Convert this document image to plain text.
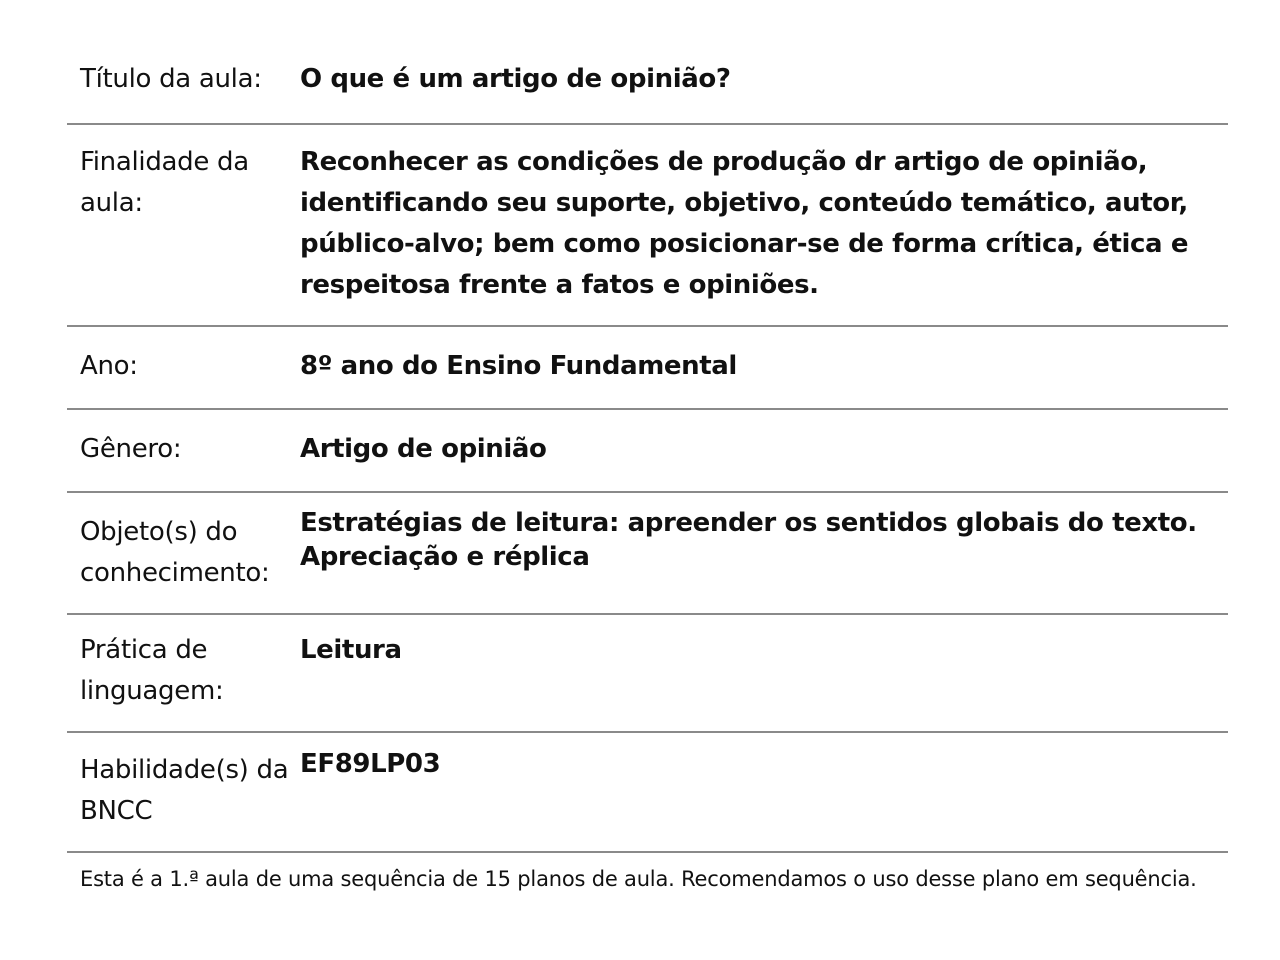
Título da aula:	O que é um artigo de opinião?
Finalidade da aula:	Reconhecer as condições de produção dr artigo de opinião, identificando seu suporte, objetivo, conteúdo temático, autor, público-alvo; bem como posicionar-se de forma crítica, ética e respeitosa frente a fatos e opiniões.
Ano:	8º ano do Ensino Fundamental
Gênero:	Artigo de opinião
Objeto(s) do conhecimento:	Estratégias de leitura: apreender os sentidos globais do texto.
Apreciação e réplica

Prática de linguagem:	Leitura
Habilidade(s) da BNCC	EF89LP03

Esta é a 1.ª aula de uma sequência de 15 planos de aula. Recomendamos o uso desse plano em sequência.
